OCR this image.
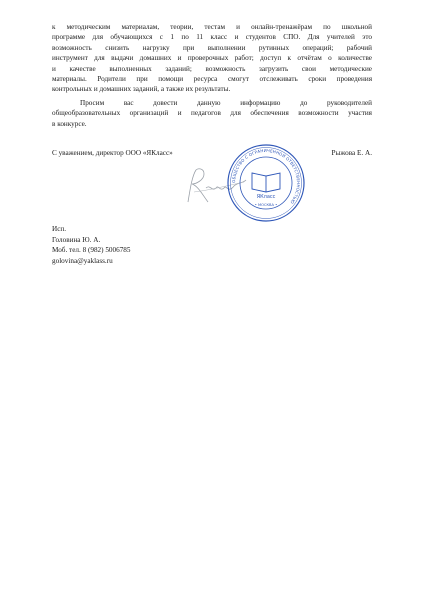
к методическим материалам, теории, тестам и онлайн-тренажёрам по школьной
программе для обучающихся с 1 по 11 класс и студентов СПО. Для учителей это
возможность снизить нагрузку при выполнении рутинных операций; рабочий
инструмент для выдачи домашних и проверочных работ; доступ к отчётам о количестве
и качестве выполненных заданий; возможность загрузить свои методические
материалы. Родители при помощи ресурса смогут отслеживать сроки проведения
контрольных и домашних заданий, а также их результаты.
Просим вас довести данную информацию до руководителей
общеобразовательных организаций и педагогов для обеспечения возможности участия
в конкурсе.
С уважением, директор ООО «ЯКласс»	Рыжова Е. А.
ОБЩЕСТВО С ОГРАНИЧЕННОЙ ОТВЕТСТВЕННОСТЬЮ
ЯКласс
• МОСКВА •
Исп.
Головина Ю. А.
Моб. тел. 8 (982) 5006785
golovina@yaklass.ru
